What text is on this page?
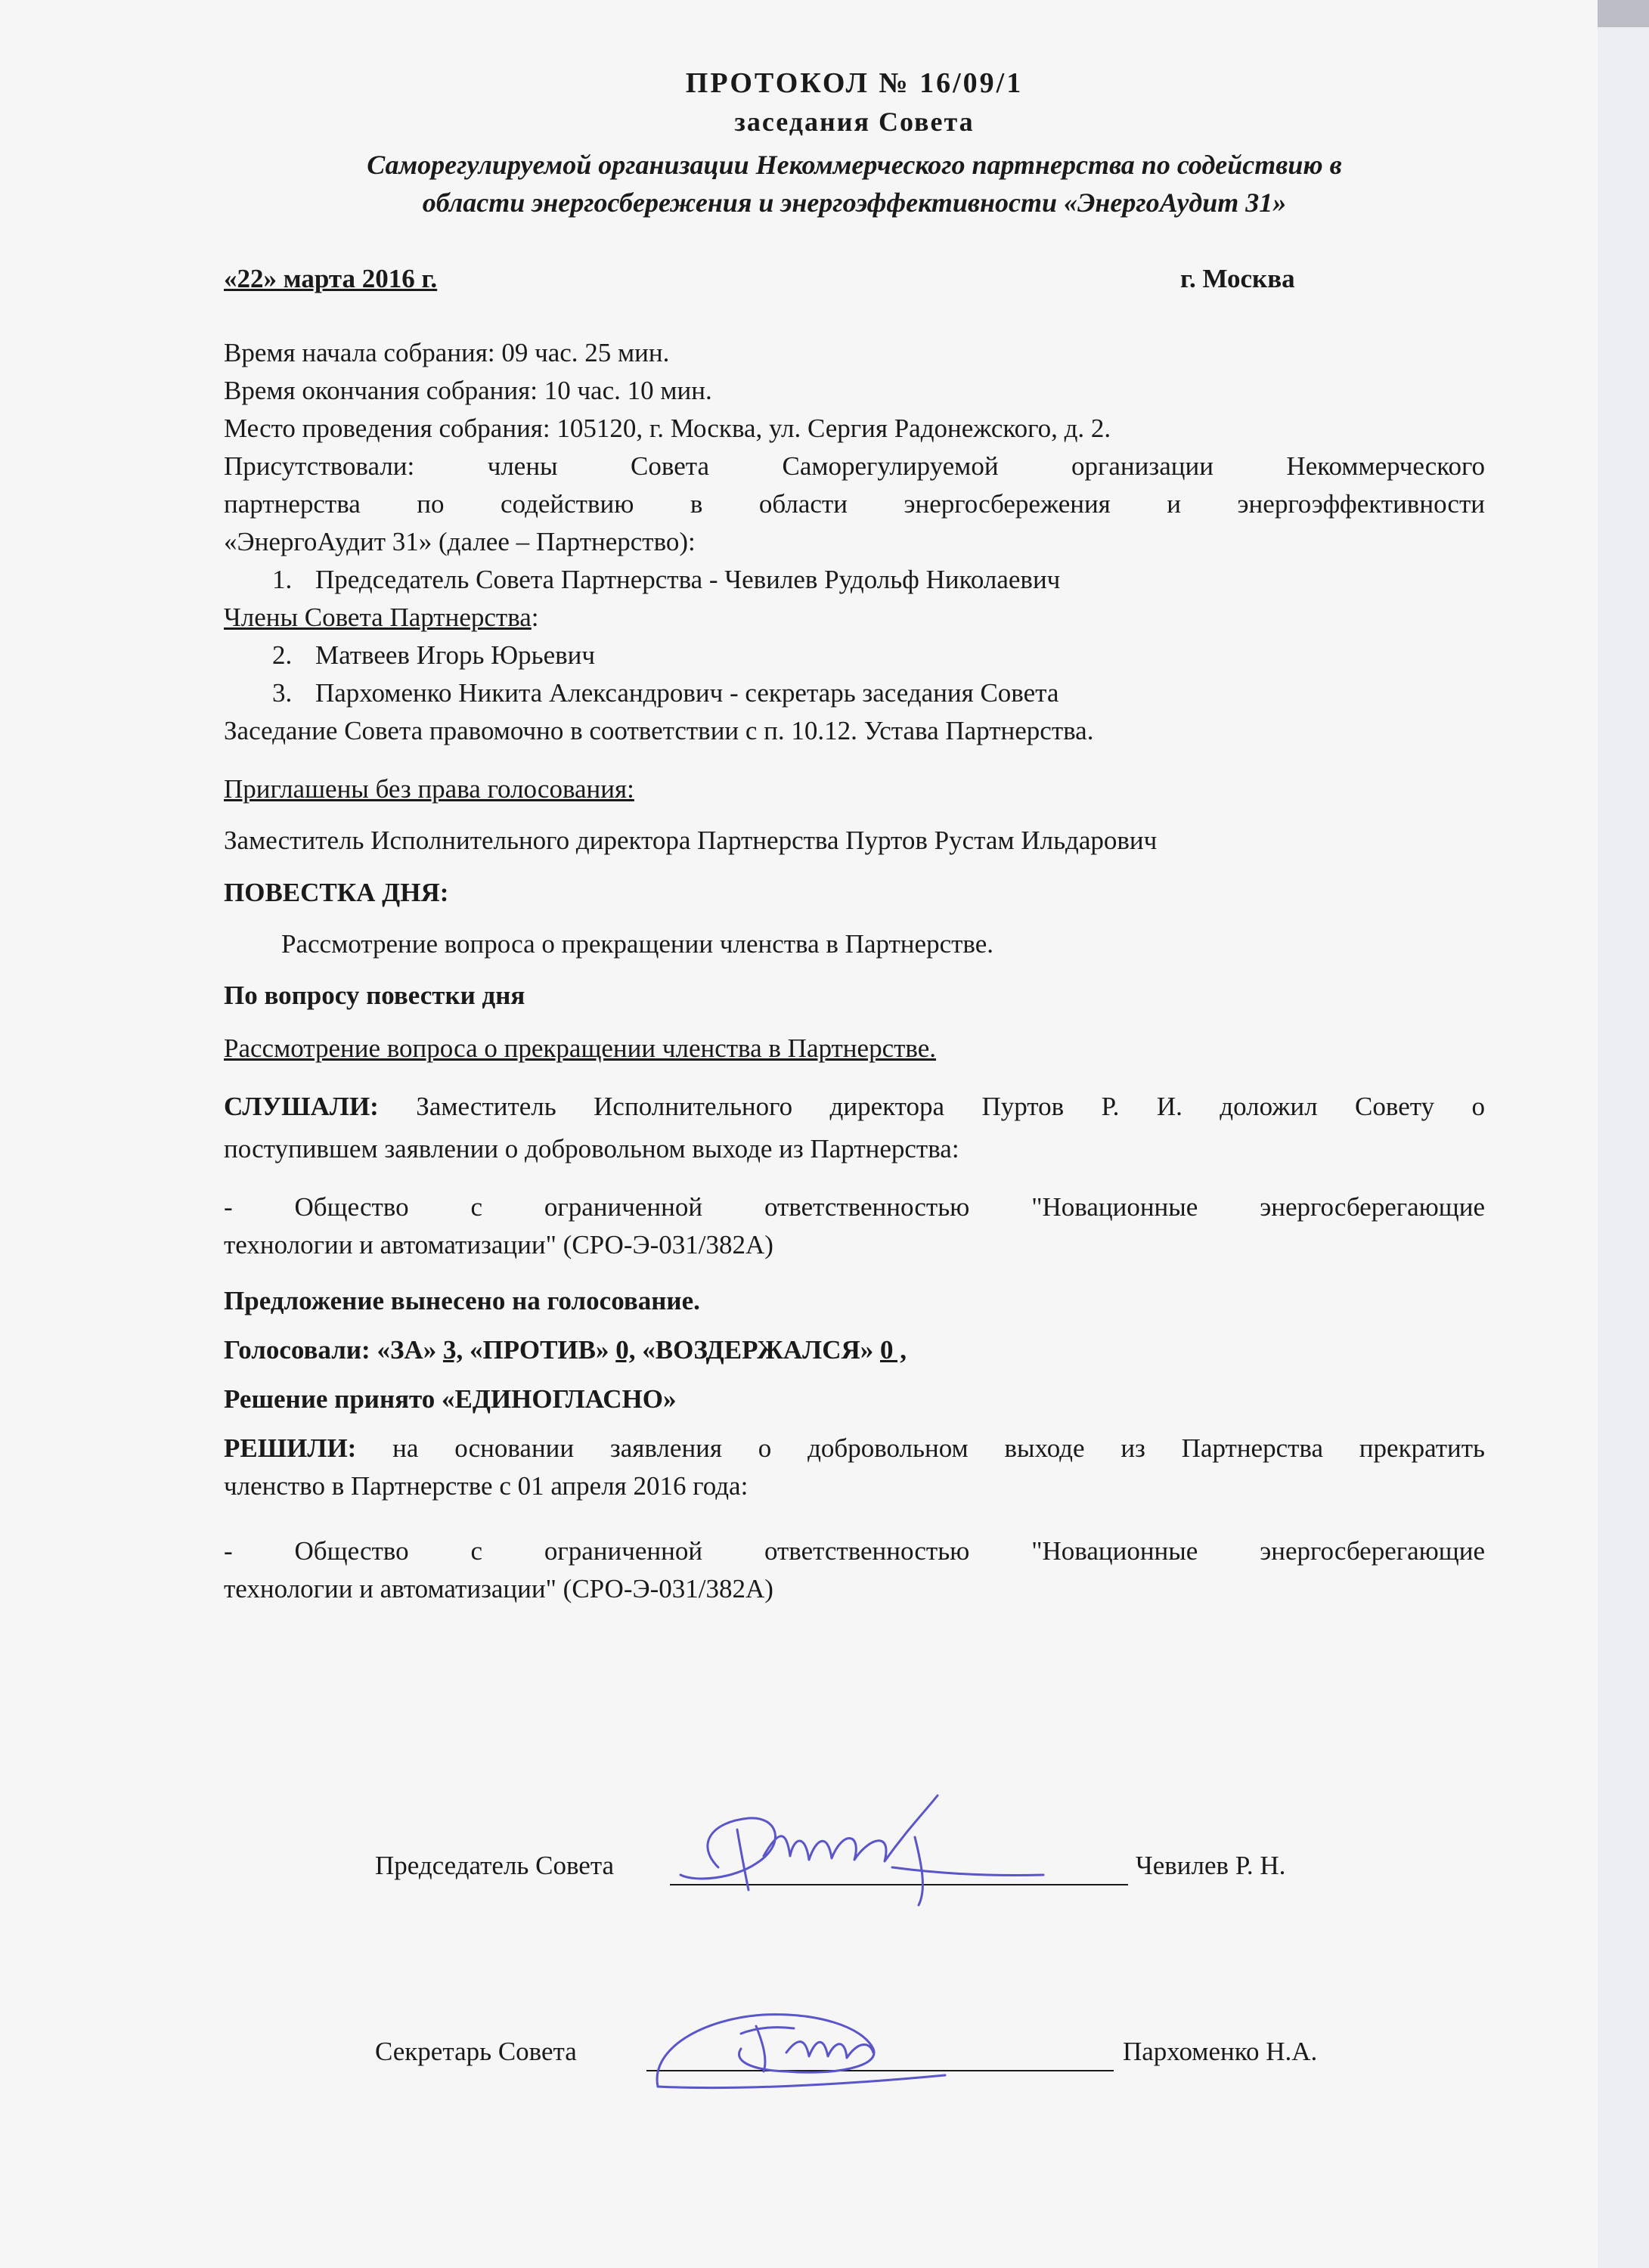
ПРОТОКОЛ № 16/09/1
заседания Совета
Саморегулируемой организации Некоммерческого партнерства по содействию в
области энергосбережения и энергоэффективности «ЭнергоАудит 31»
«22» марта 2016 г.	г. Москва
Время начала собрания: 09 час. 25 мин.
Время окончания собрания: 10 час. 10 мин.
Место проведения собрания: 105120, г. Москва, ул. Сергия Радонежского, д. 2.
Присутствовали: члены Совета Саморегулируемой организации Некоммерческого
партнерства по содействию в области энергосбережения и энергоэффективности
«ЭнергоАудит 31» (далее – Партнерство):
1. Председатель Совета Партнерства - Чевилев Рудольф Николаевич
Члены Совета Партнерства:
2. Матвеев Игорь Юрьевич
3. Пархоменко Никита Александрович - секретарь заседания Совета
Заседание Совета правомочно в соответствии с п. 10.12. Устава Партнерства.
Приглашены без права голосования:
Заместитель Исполнительного директора Партнерства Пуртов Рустам Ильдарович
ПОВЕСТКА ДНЯ:
Рассмотрение вопроса о прекращении членства в Партнерстве.
По вопросу повестки дня
Рассмотрение вопроса о прекращении членства в Партнерстве.
СЛУШАЛИ: Заместитель Исполнительного директора Пуртов Р. И. доложил Совету о
поступившем заявлении о добровольном выходе из Партнерства:
- Общество с ограниченной ответственностью "Новационные энергосберегающие
технологии и автоматизации" (СРО-Э-031/382А)
Предложение вынесено на голосование.
Голосовали: «ЗА» 3, «ПРОТИВ» 0, «ВОЗДЕРЖАЛСЯ» 0 ,
Решение принято «ЕДИНОГЛАСНО»
РЕШИЛИ: на основании заявления о добровольном выходе из Партнерства прекратить
членство в Партнерстве с 01 апреля 2016 года:
- Общество с ограниченной ответственностью "Новационные энергосберегающие
технологии и автоматизации" (СРО-Э-031/382А)
Председатель Совета	Чевилев Р. Н.
Секретарь Совета	Пархоменко Н.А.
